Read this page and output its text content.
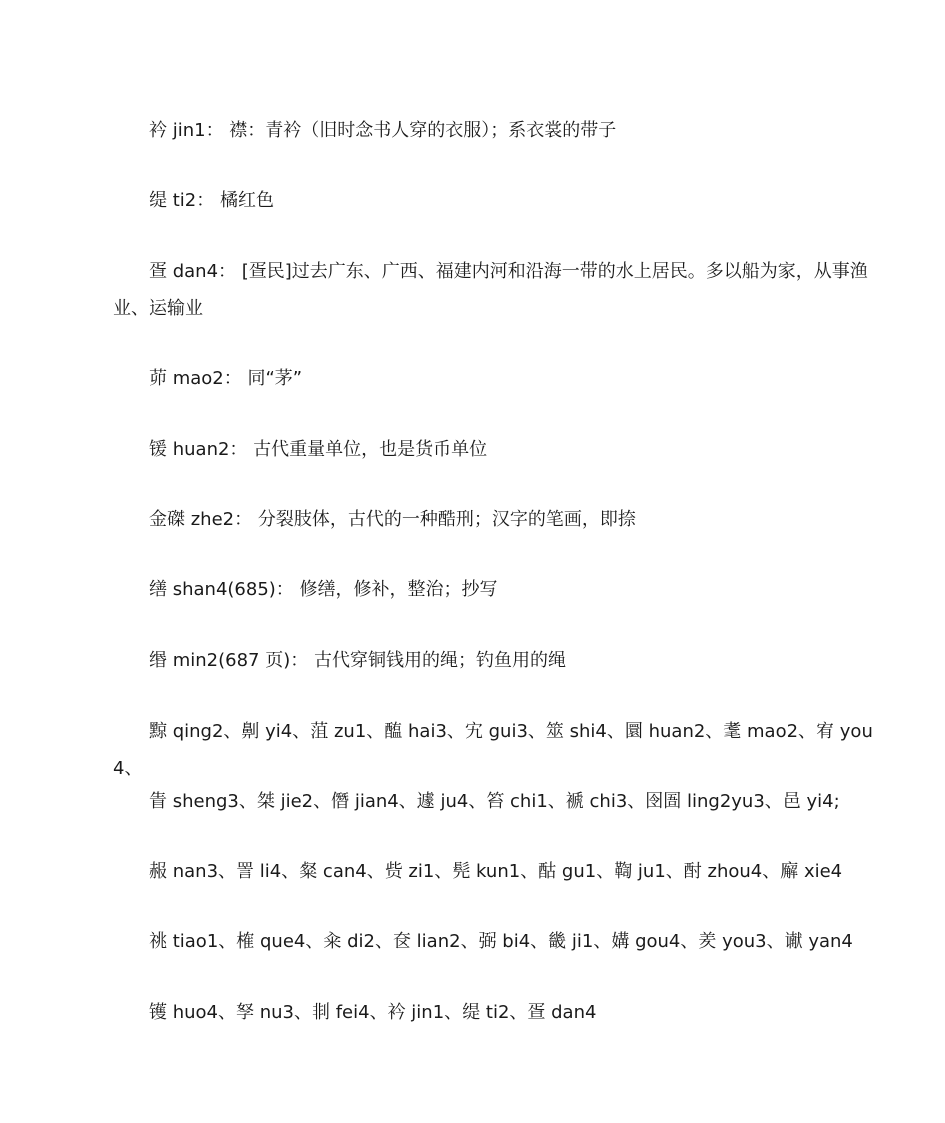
衿 jin1： 襟：青衿（旧时念书人穿的衣服）；系衣裳的带子

缇 ti2： 橘红色

疍 dan4： [疍民]过去广东、广西、福建内河和沿海一带的水上居民。多以船为家，从事渔业、运输业

茆 mao2： 同“茅”

锾 huan2： 古代重量单位，也是货币单位

金磔 zhe2： 分裂肢体，古代的一种酷刑；汉字的笔画，即捺

缮 shan4(685)： 修缮，修补，整治；抄写

缗 min2(687 页)： 古代穿铜钱用的绳；钓鱼用的绳

黥 qing2、劓 yi4、菹 zu1、醢 hai3、宄 gui3、筮 shi4、圜 huan2、耄 mao2、宥 you4、

眚 sheng3、桀 jie2、僭 jian4、遽 ju4、笞 chi1、褫 chi3、囹圄 ling2yu3、邑 yi4;

赧 nan3、詈 li4、粲 can4、赀 zi1、髡 kun1、酤 gu1、鞫 ju1、酎 zhou4、廨 xie4

祧 tiao1、榷 que4、籴 di2、奁 lian2、弼 bi4、畿 ji1、媾 gou4、羑 you3、谳 yan4

镬 huo4、孥 nu3、剕 fei4、衿 jin1、缇 ti2、疍 dan4
